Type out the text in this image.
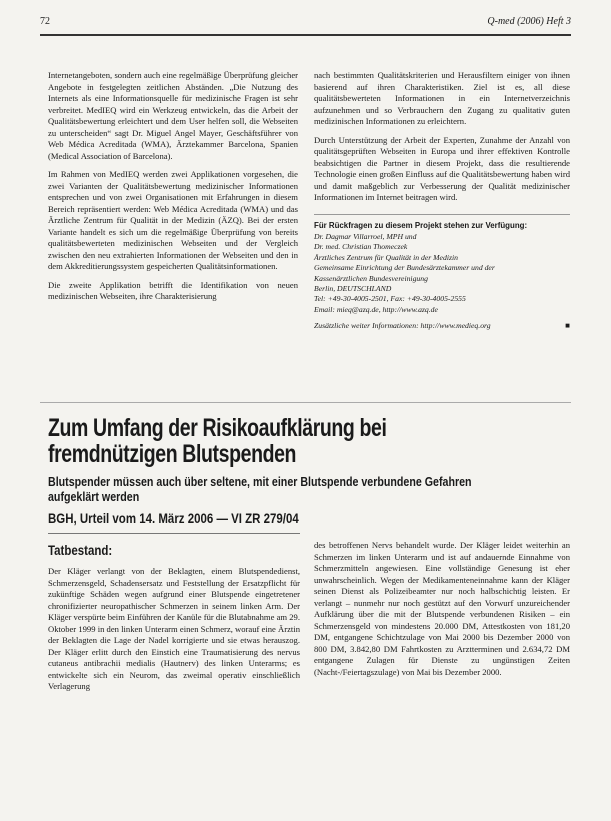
72	Q-med (2006) Heft 3

Internetangeboten, sondern auch eine regelmäßige Überprüfung gleicher Angebote in festgelegten zeitlichen Abständen. „Die Nutzung des Internets als eine Informationsquelle für medizinische Fragen ist sehr verbreitet. MedIEQ wird ein Werkzeug entwickeln, das die Arbeit der Qualitätsbewertung erleichtert und dem User helfen soll, die Webseiten zu unterscheiden“ sagt Dr. Miguel Angel Mayer, Geschäftsführer von Web Médica Acreditada (WMA), Ärztekammer Barcelona, Spanien (Medical Association of Barcelona).

Im Rahmen von MedIEQ werden zwei Applikationen vorgesehen, die zwei Varianten der Qualitätsbewertung medizinischer Informationen entsprechen und von zwei Organisationen mit Erfahrungen in diesem Bereich repräsentiert werden: Web Médica Acreditada (WMA) und das Ärztliche Zentrum für Qualität in der Medizin (ÄZQ). Bei der ersten Variante handelt es sich um die regelmäßige Überprüfung von bereits qualitätsbewerteten medizinischen Webseiten und der Vergleich zwischen den neu extrahierten Informationen der Webseiten und den in dem Akkreditierungssystem gespeicherten Qualitätsinformationen.

Die zweite Applikation betrifft die Identifikation von neuen medizinischen Webseiten, ihre Charakterisierung

nach bestimmten Qualitätskriterien und Herausfiltern einiger von ihnen basierend auf ihren Charakteristiken. Ziel ist es, all diese qualitätsbewerteten Informationen in ein Internetverzeichnis aufzunehmen und so Verbrauchern den Zugang zu qualitativ guten medizinischen Informationen zu erleichtern.

Durch Unterstützung der Arbeit der Experten, Zunahme der Anzahl von qualitätsgeprüften Webseiten in Europa und ihrer effektiven Kontrolle beabsichtigen die Partner in diesem Projekt, dass die resultierende Technologie einen großen Einfluss auf die Qualitätsbewertung haben wird und damit maßgeblich zur Verbesserung der Qualität medizinischer Informationen im Internet beitragen wird.

Für Rückfragen zu diesem Projekt stehen zur Verfügung:
Dr. Dagmar Villarroel, MPH und
Dr. med. Christian Thomeczek
Ärztliches Zentrum für Qualität in der Medizin
Gemeinsame Einrichtung der Bundesärztekammer und der
Kassenärztlichen Bundesvereinigung
Berlin, DEUTSCHLAND
Tel: +49-30-4005-2501, Fax: +49-30-4005-2555
Email: mieq@azq.de, http://www.azq.de
Zusätzliche weiter Informationen: http://www.medieq.org	■
Zum Umfang der Risikoaufklärung bei fremdnützigen Blutspenden
Blutspender müssen auch über seltene, mit einer Blutspende verbundene Gefahren aufgeklärt werden
BGH, Urteil vom 14. März 2006 — VI ZR 279/04
Tatbestand:

Der Kläger verlangt von der Beklagten, einem Blutspendedienst, Schmerzensgeld, Schadensersatz und Feststellung der Ersatzpflicht für zukünftige Schäden wegen aufgrund einer Blutspende eingetretener chronifizierter neuropathischer Schmerzen in seinem linken Arm. Der Kläger verspürte beim Einführen der Kanüle für die Blutabnahme am 29. Oktober 1999 in den linken Unterarm einen Schmerz, worauf eine Ärztin der Beklagten die Lage der Nadel korrigierte und sie etwas herauszog. Der Kläger erlitt durch den Einstich eine Traumatisierung des nervus cutaneus antibrachii medialis (Hautnerv) des linken Unterarms; es entwickelte sich ein Neurom, das zweimal operativ einschließlich Verlagerung

des betroffenen Nervs behandelt wurde. Der Kläger leidet weiterhin an Schmerzen im linken Unterarm und ist auf andauernde Einnahme von Schmerzmitteln angewiesen. Eine vollständige Genesung ist eher unwahrscheinlich. Wegen der Medikamenteneinnahme kann der Kläger seinen Dienst als Polizeibeamter nur noch halbschichtig leisten. Er verlangt – nunmehr nur noch gestützt auf den Vorwurf unzureichender Aufklärung über die mit der Blutspende verbundenen Risiken – ein Schmerzensgeld von mindestens 20.000 DM, Attestkosten von 181,20 DM, entgangene Schichtzulage von Mai 2000 bis Dezember 2000 von 800 DM, 3.842,80 DM Fahrtkosten zu Arztterminen und 2.634,72 DM entgangene Zulagen für Dienste zu ungünstigen Zeiten (Nacht-/Feiertagszulage) von Mai bis Dezember 2000.
